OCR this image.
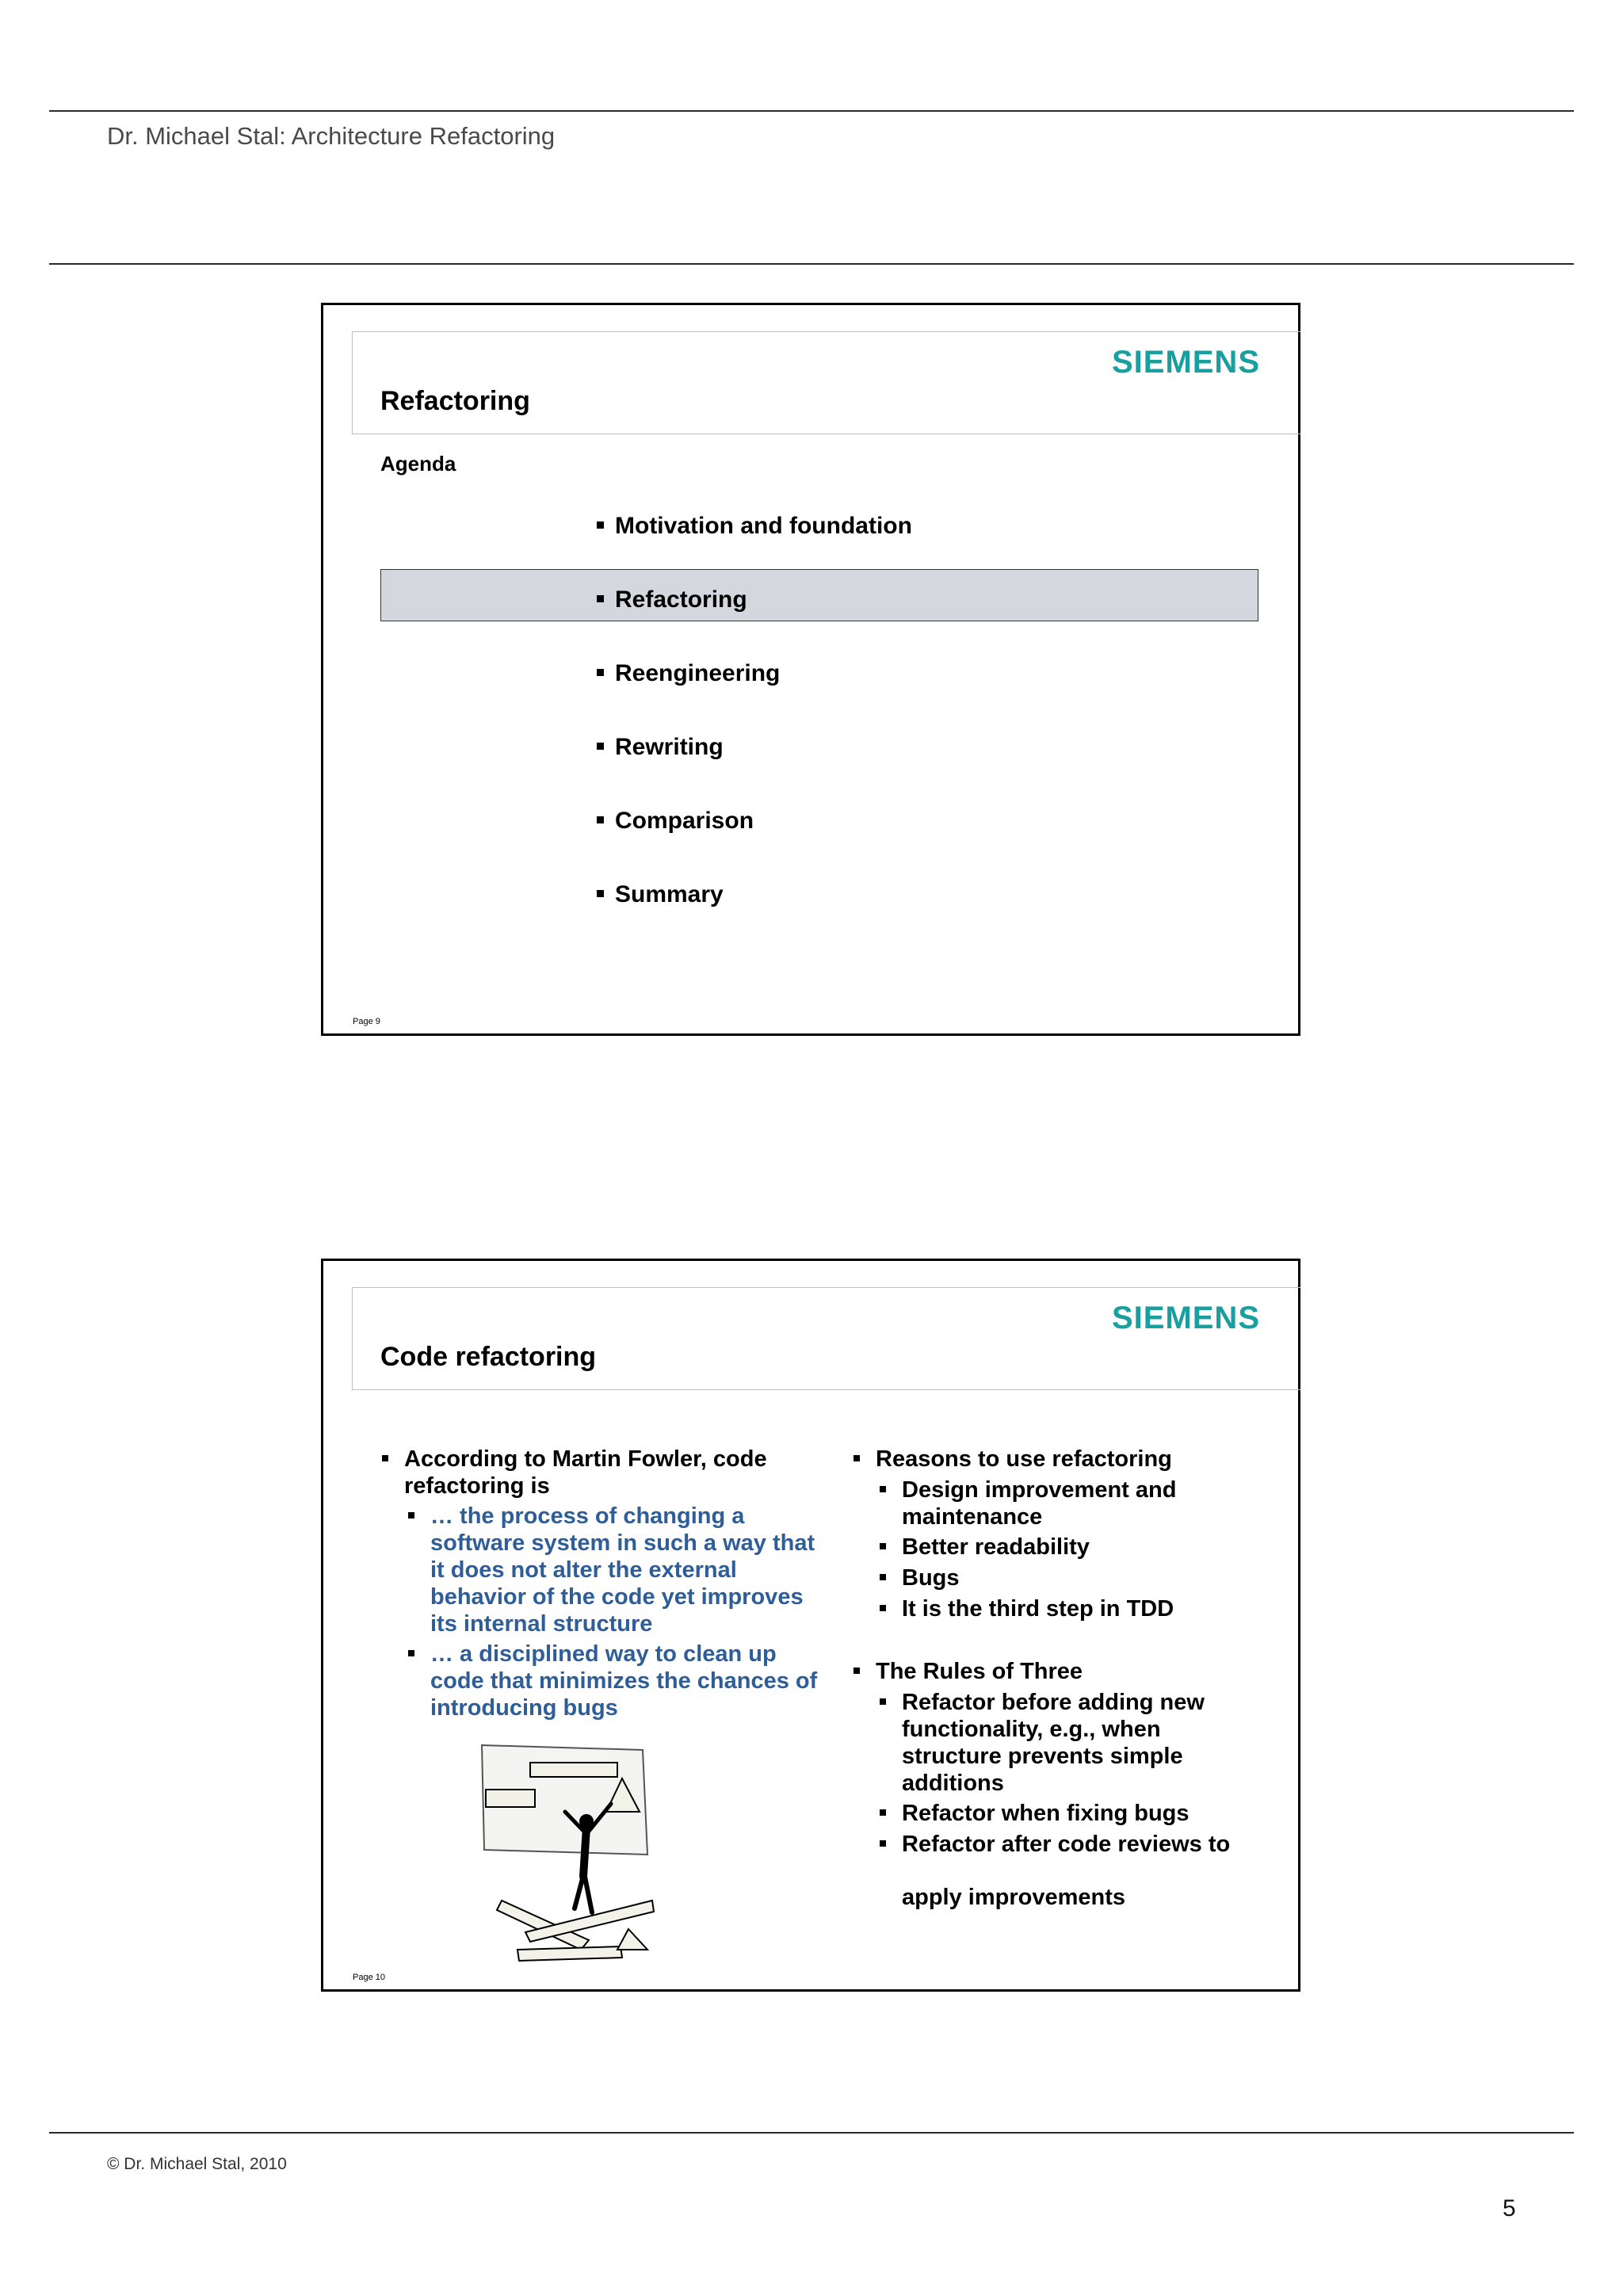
Dr. Michael Stal: Architecture Refactoring
SIEMENS
Refactoring
Agenda
Motivation and foundation
Refactoring
Reengineering
Rewriting
Comparison
Summary
Page 9
SIEMENS
Code refactoring
According to Martin Fowler, code refactoring is
… the process of changing a software system in such a way that it does not alter the external behavior of the code yet improves its internal structure
… a disciplined way to clean up code that minimizes the chances of introducing bugs
Reasons to use refactoring
Design improvement and maintenance
Better readability
Bugs
It is the third step in TDD
The Rules of Three
Refactor before adding new functionality, e.g., when structure prevents simple additions
Refactor when fixing bugs
Refactor after code reviews to
apply improvements
Page 10
© Dr. Michael Stal, 2010
5
